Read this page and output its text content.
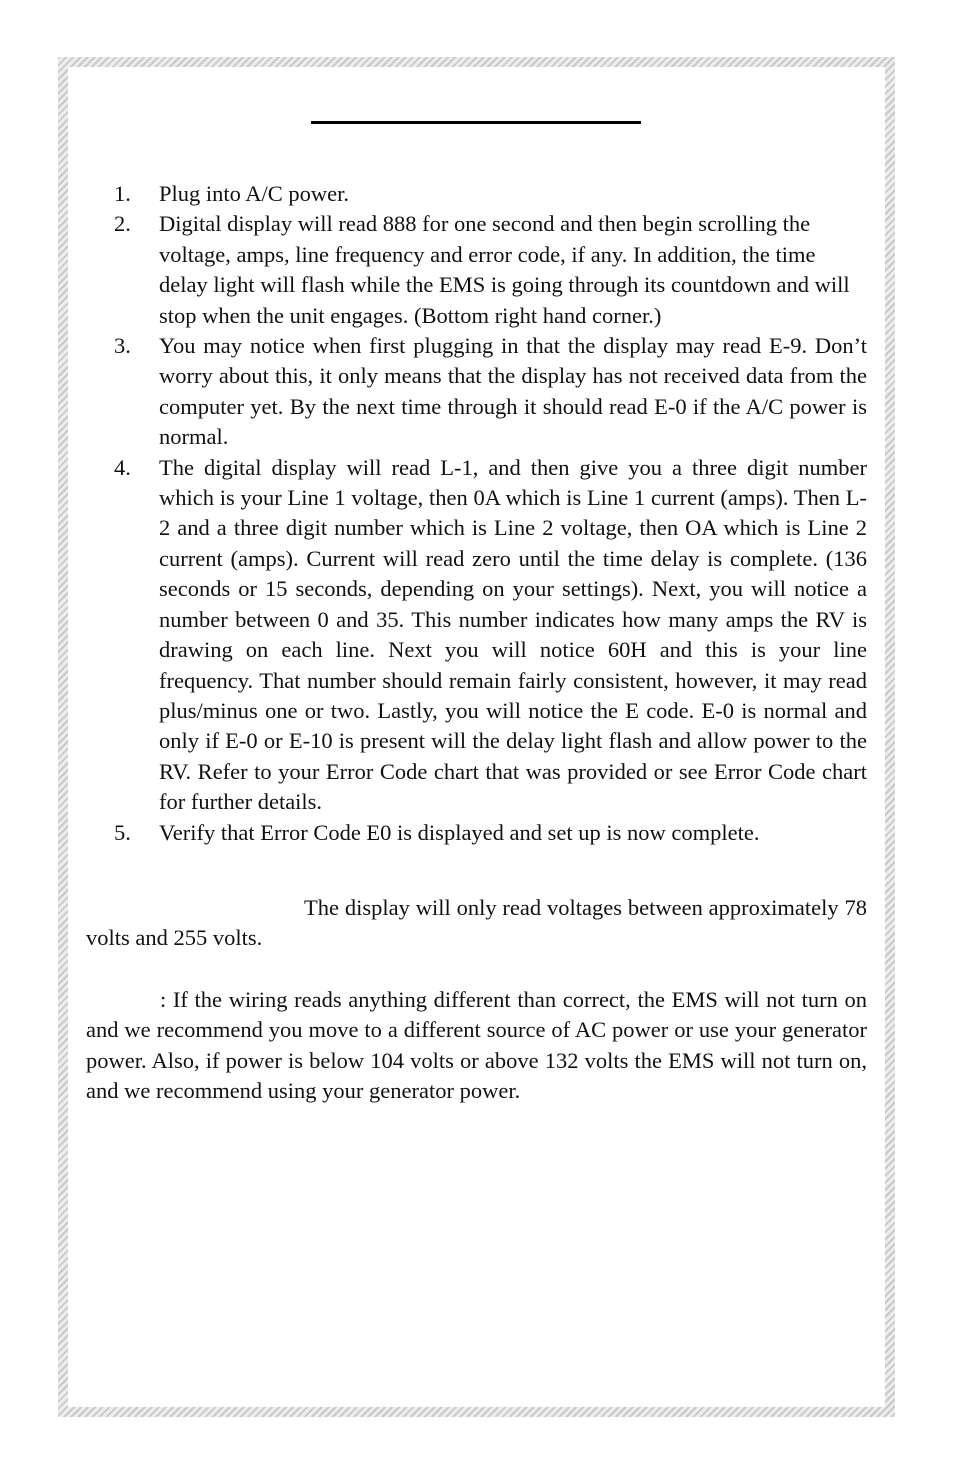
1. Plug into A/C power.
2. Digital display will read 888 for one second and then begin scrolling the voltage, amps, line frequency and error code, if any. In addition, the time delay light will flash while the EMS is going through its countdown and will stop when the unit engages. (Bottom right hand corner.)
3. You may notice when first plugging in that the display may read E-9. Don’t worry about this, it only means that the display has not received data from the computer yet. By the next time through it should read E-0 if the A/C power is normal.
4. The digital display will read L-1, and then give you a three digit number which is your Line 1 voltage, then 0A which is Line 1 current (amps). Then L-2 and a three digit number which is Line 2 voltage, then OA which is Line 2 current (amps). Current will read zero until the time delay is complete. (136 seconds or 15 seconds, depending on your settings). Next, you will notice a number between 0 and 35. This number indicates how many amps the RV is drawing on each line. Next you will notice 60H and this is your line frequency. That number should remain fairly consistent, however, it may read plus/minus one or two. Lastly, you will notice the E code. E-0 is normal and only if E-0 or E-10 is present will the delay light flash and allow power to the RV. Refer to your Error Code chart that was provided or see Error Code chart for further details.
5. Verify that Error Code E0 is displayed and set up is now complete.

The display will only read voltages between approximately 78 volts and 255 volts.

: If the wiring reads anything different than correct, the EMS will not turn on and we recommend you move to a different source of AC power or use your generator power. Also, if power is below 104 volts or above 132 volts the EMS will not turn on, and we recommend using your generator power.
